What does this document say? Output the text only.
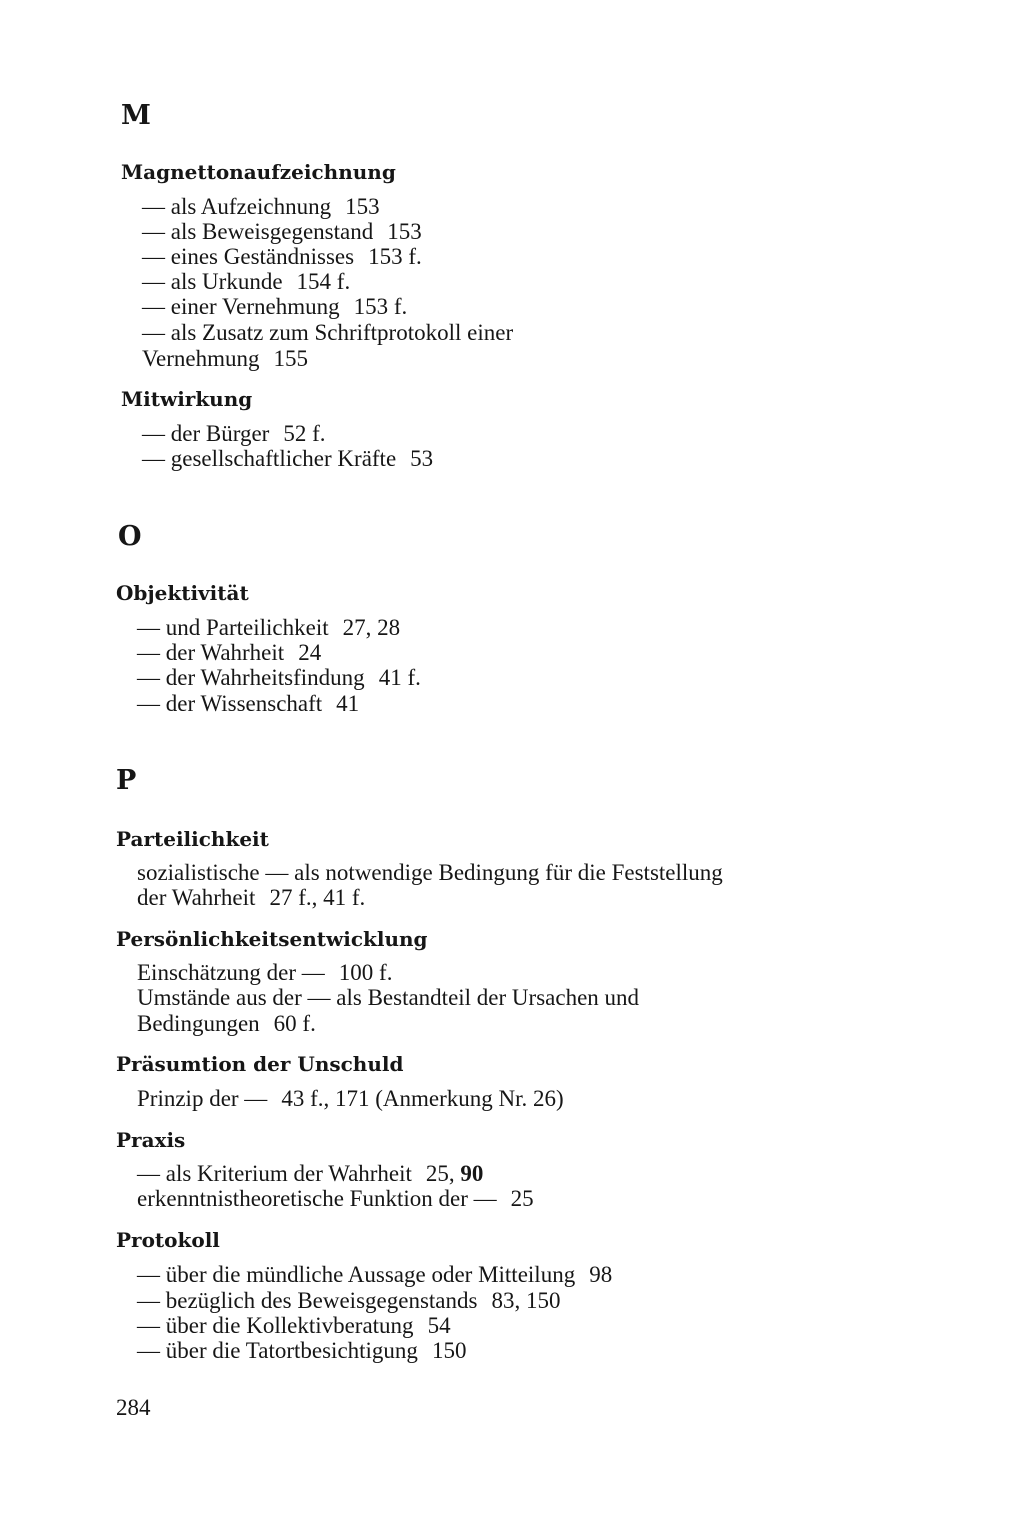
M
Magnettonaufzeichnung
— als Aufzeichnung 153
— als Beweisgegenstand 153
— eines Geständnisses 153 f.
— als Urkunde 154 f.
— einer Vernehmung 153 f.
— als Zusatz zum Schriftprotokoll einer
Vernehmung 155
Mitwirkung
— der Bürger 52 f.
— gesellschaftlicher Kräfte 53
O
Objektivität
— und Parteilichkeit 27, 28
— der Wahrheit 24
— der Wahrheitsfindung 41 f.
— der Wissenschaft 41
P
Parteilichkeit
sozialistische — als notwendige Bedingung für die Feststellung
der Wahrheit 27 f., 41 f.
Persönlichkeitsentwicklung
Einschätzung der — 100 f.
Umstände aus der — als Bestandteil der Ursachen und
Bedingungen 60 f.
Präsumtion der Unschuld
Prinzip der — 43 f., 171 (Anmerkung Nr. 26)
Praxis
— als Kriterium der Wahrheit 25, 90
erkenntnistheoretische Funktion der — 25
Protokoll
— über die mündliche Aussage oder Mitteilung 98
— bezüglich des Beweisgegenstands 83, 150
— über die Kollektivberatung 54
— über die Tatortbesichtigung 150
284
